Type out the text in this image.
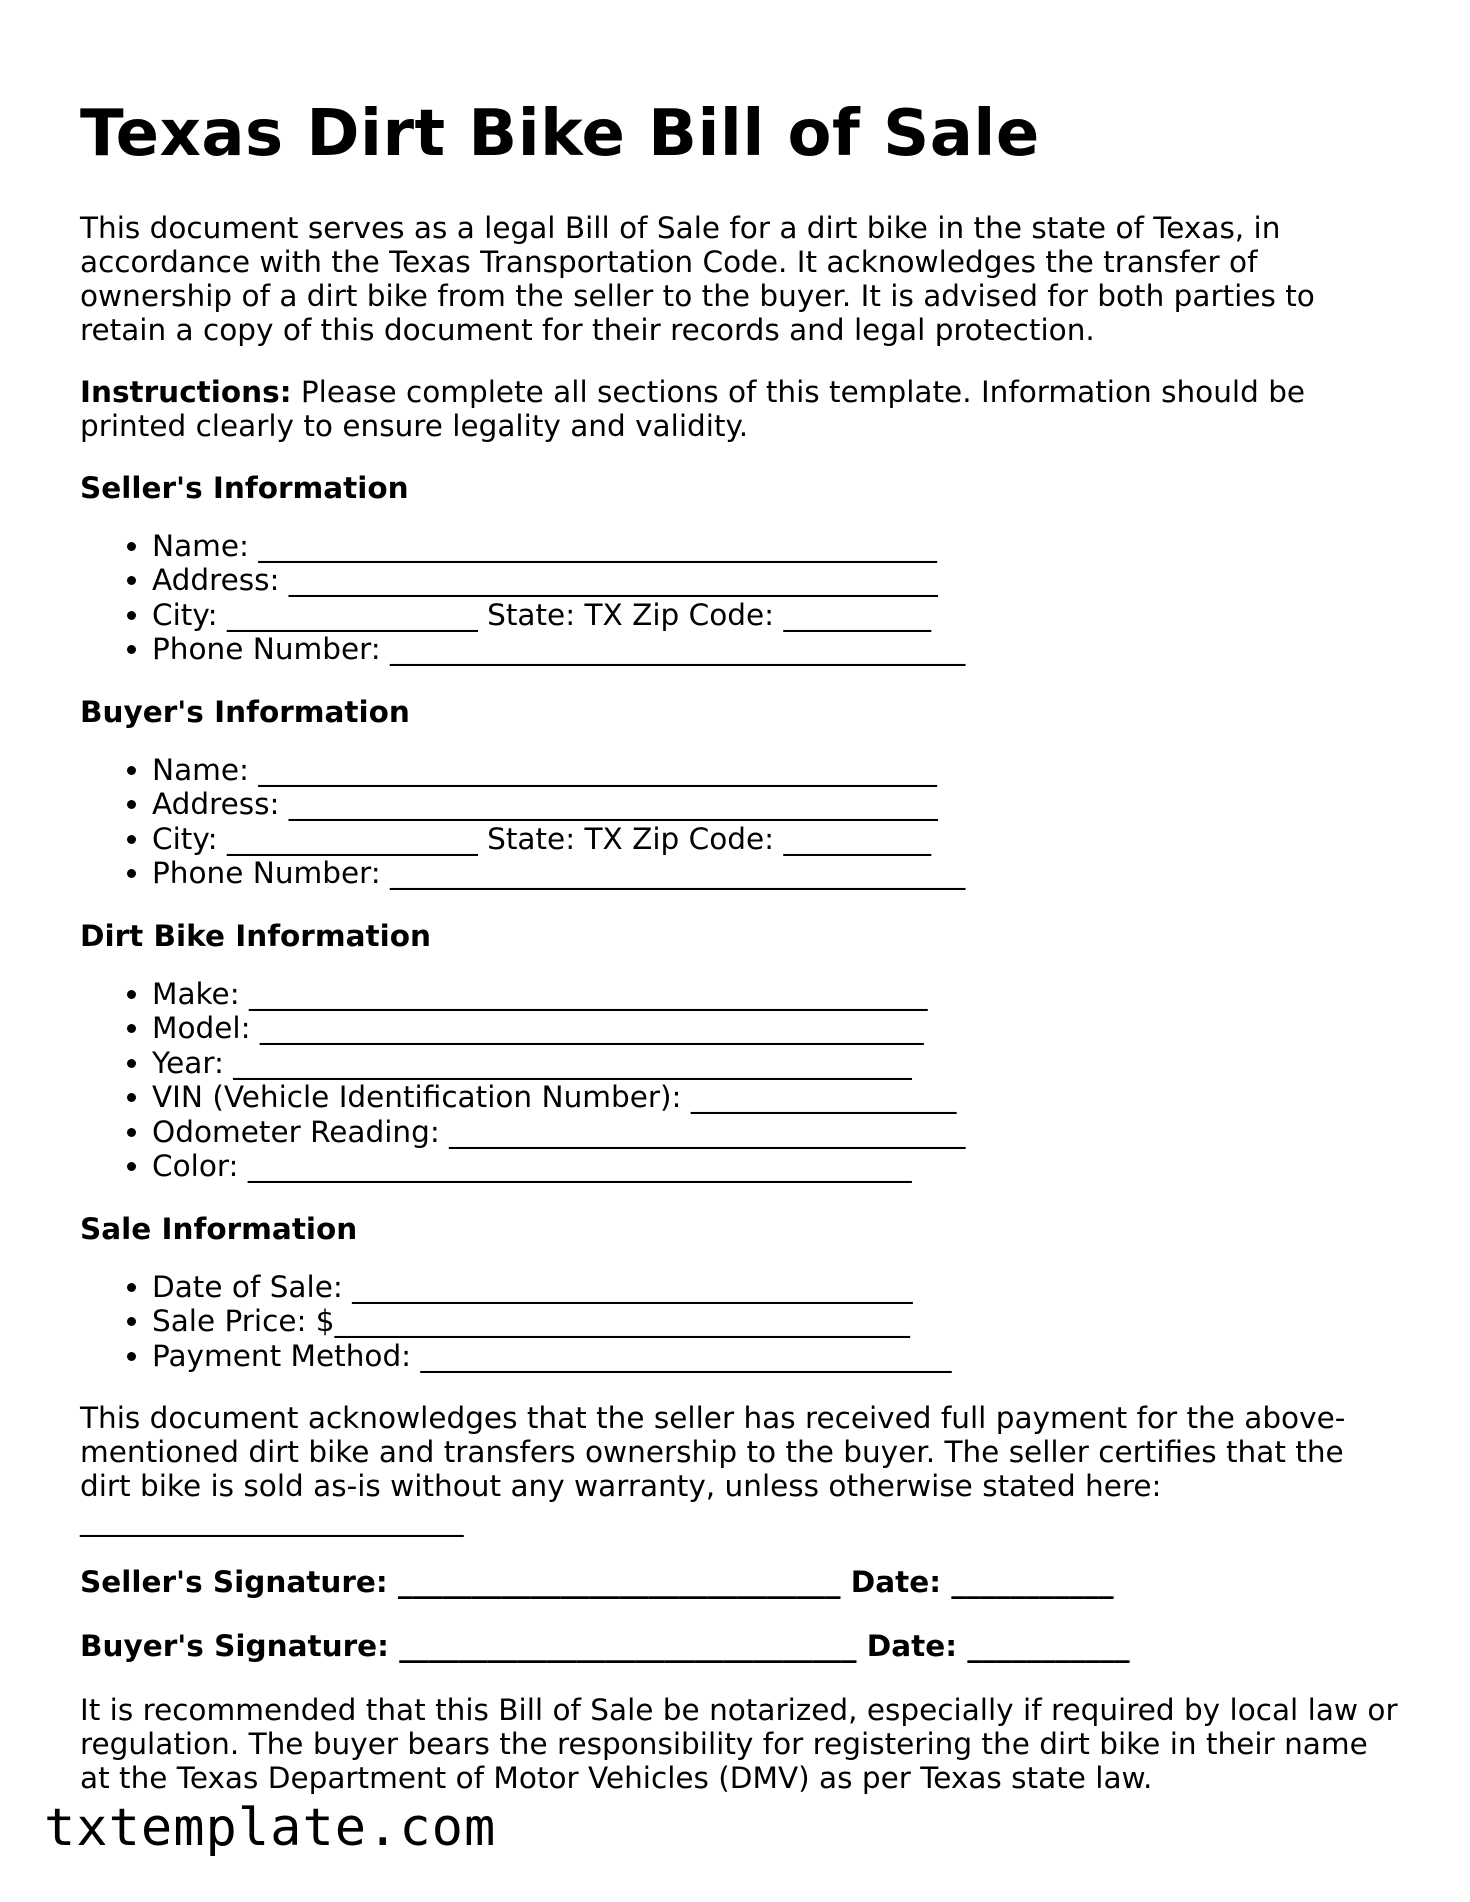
Texas Dirt Bike Bill of Sale

This document serves as a legal Bill of Sale for a dirt bike in the state of Texas, in accordance with the Texas Transportation Code. It acknowledges the transfer of ownership of a dirt bike from the seller to the buyer. It is advised for both parties to retain a copy of this document for their records and legal protection.

Instructions: Please complete all sections of this template. Information should be printed clearly to ensure legality and validity.

Seller's Information
• Name: ______________________________________________
• Address: ____________________________________________
• City: _________________ State: TX Zip Code: __________
• Phone Number: _______________________________________
Buyer's Information
• Name: ______________________________________________
• Address: ____________________________________________
• City: _________________ State: TX Zip Code: __________
• Phone Number: _______________________________________
Dirt Bike Information
• Make: ______________________________________________
• Model: _____________________________________________
• Year: ______________________________________________
• VIN (Vehicle Identification Number): __________________
• Odometer Reading: ___________________________________
• Color: _____________________________________________
Sale Information
• Date of Sale: ______________________________________
• Sale Price: $_______________________________________
• Payment Method: ____________________________________

This document acknowledges that the seller has received full payment for the above-mentioned dirt bike and transfers ownership to the buyer. The seller certifies that the dirt bike is sold as-is without any warranty, unless otherwise stated here: __________________________

Seller's Signature: ______________________________ Date: ___________

Buyer's Signature: _______________________________ Date: ___________

It is recommended that this Bill of Sale be notarized, especially if required by local law or regulation. The buyer bears the responsibility for registering the dirt bike in their name at the Texas Department of Motor Vehicles (DMV) as per Texas state law.

txtemplate.com
